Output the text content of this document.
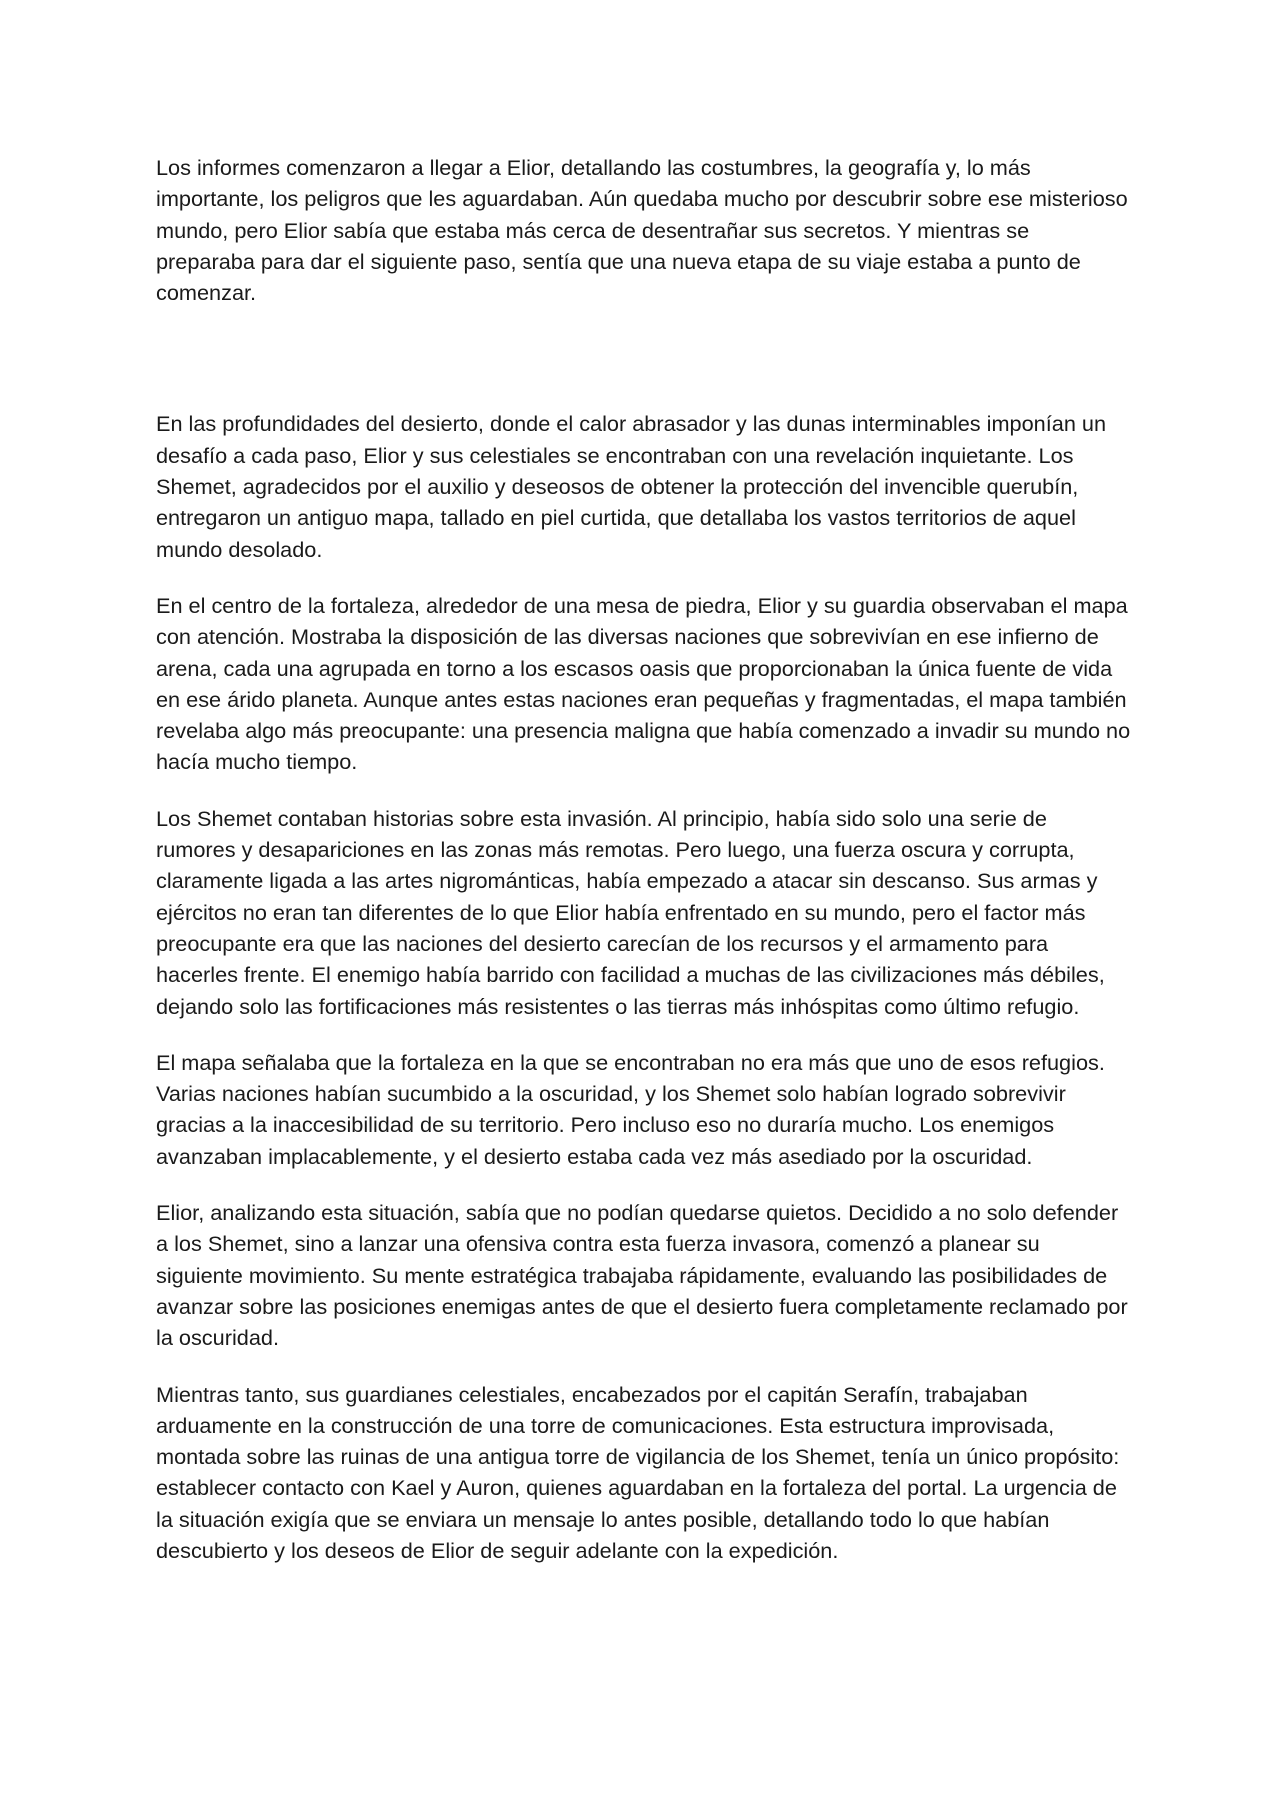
Los informes comenzaron a llegar a Elior, detallando las costumbres, la geografía y, lo más importante, los peligros que les aguardaban. Aún quedaba mucho por descubrir sobre ese misterioso mundo, pero Elior sabía que estaba más cerca de desentrañar sus secretos. Y mientras se preparaba para dar el siguiente paso, sentía que una nueva etapa de su viaje estaba a punto de comenzar.

En las profundidades del desierto, donde el calor abrasador y las dunas interminables imponían un desafío a cada paso, Elior y sus celestiales se encontraban con una revelación inquietante. Los Shemet, agradecidos por el auxilio y deseosos de obtener la protección del invencible querubín, entregaron un antiguo mapa, tallado en piel curtida, que detallaba los vastos territorios de aquel mundo desolado.

En el centro de la fortaleza, alrededor de una mesa de piedra, Elior y su guardia observaban el mapa con atención. Mostraba la disposición de las diversas naciones que sobrevivían en ese infierno de arena, cada una agrupada en torno a los escasos oasis que proporcionaban la única fuente de vida en ese árido planeta. Aunque antes estas naciones eran pequeñas y fragmentadas, el mapa también revelaba algo más preocupante: una presencia maligna que había comenzado a invadir su mundo no hacía mucho tiempo.

Los Shemet contaban historias sobre esta invasión. Al principio, había sido solo una serie de rumores y desapariciones en las zonas más remotas. Pero luego, una fuerza oscura y corrupta, claramente ligada a las artes nigrománticas, había empezado a atacar sin descanso. Sus armas y ejércitos no eran tan diferentes de lo que Elior había enfrentado en su mundo, pero el factor más preocupante era que las naciones del desierto carecían de los recursos y el armamento para hacerles frente. El enemigo había barrido con facilidad a muchas de las civilizaciones más débiles, dejando solo las fortificaciones más resistentes o las tierras más inhóspitas como último refugio.

El mapa señalaba que la fortaleza en la que se encontraban no era más que uno de esos refugios. Varias naciones habían sucumbido a la oscuridad, y los Shemet solo habían logrado sobrevivir gracias a la inaccesibilidad de su territorio. Pero incluso eso no duraría mucho. Los enemigos avanzaban implacablemente, y el desierto estaba cada vez más asediado por la oscuridad.

Elior, analizando esta situación, sabía que no podían quedarse quietos. Decidido a no solo defender a los Shemet, sino a lanzar una ofensiva contra esta fuerza invasora, comenzó a planear su siguiente movimiento. Su mente estratégica trabajaba rápidamente, evaluando las posibilidades de avanzar sobre las posiciones enemigas antes de que el desierto fuera completamente reclamado por la oscuridad.

Mientras tanto, sus guardianes celestiales, encabezados por el capitán Serafín, trabajaban arduamente en la construcción de una torre de comunicaciones. Esta estructura improvisada, montada sobre las ruinas de una antigua torre de vigilancia de los Shemet, tenía un único propósito: establecer contacto con Kael y Auron, quienes aguardaban en la fortaleza del portal. La urgencia de la situación exigía que se enviara un mensaje lo antes posible, detallando todo lo que habían descubierto y los deseos de Elior de seguir adelante con la expedición.
